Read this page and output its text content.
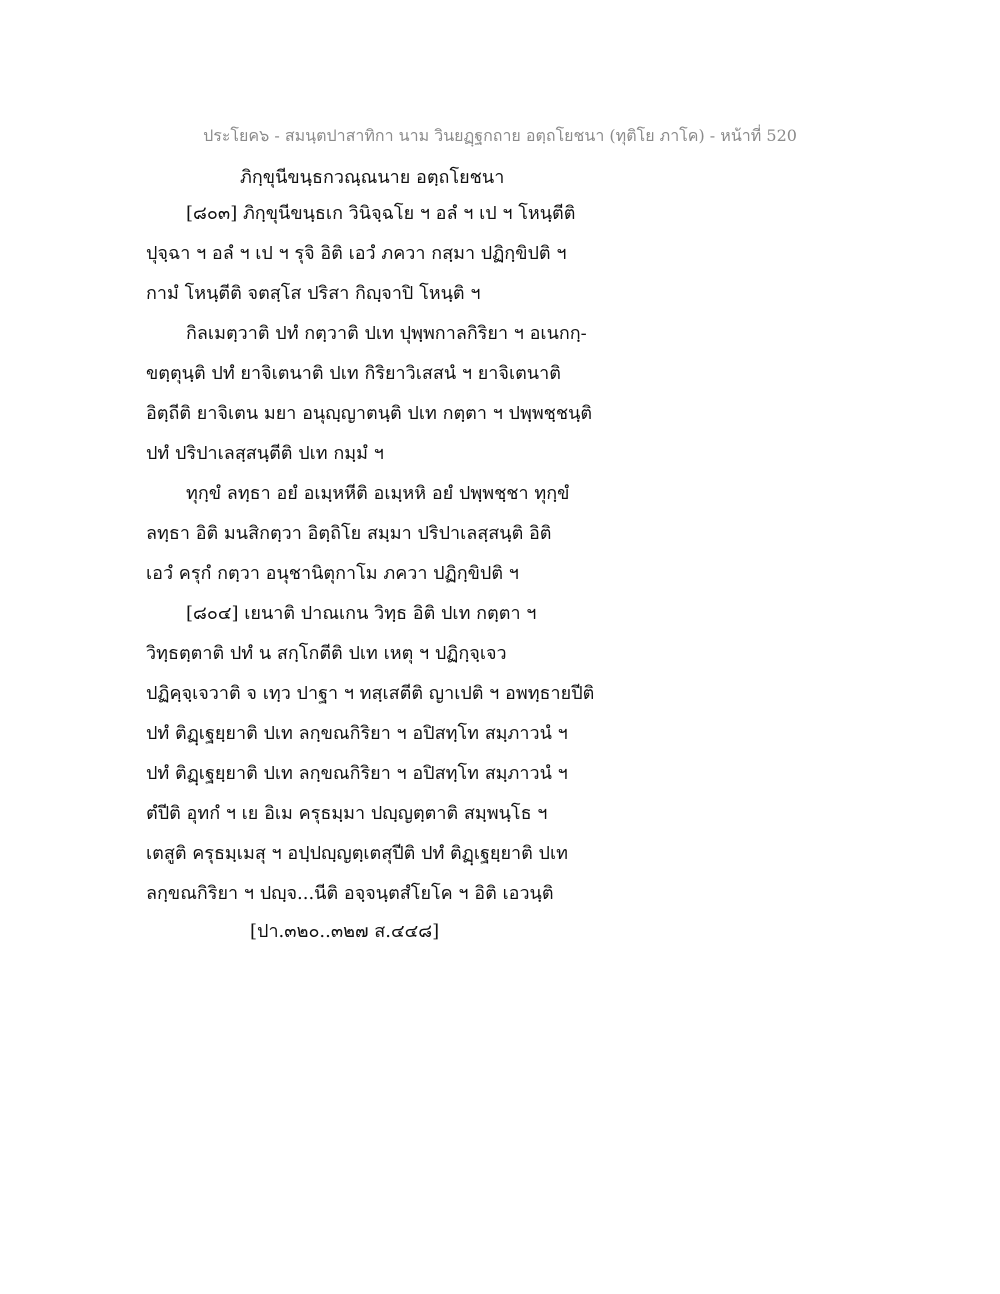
ประโยค๖ - สมนฺตปาสาทิกา นาม วินยฏฺฐกถาย อตฺถโยชนา (ทุติโย ภาโค) - หน้าที่ 520
ภิกฺขุนีขนฺธกวณฺณนาย อตฺถโยชนา
[๘๐๓] ภิกฺขุนีขนฺธเก วินิจฺฉโย ฯ อลํ ฯ เป ฯ โหนฺตีติ
ปุจฺฉา ฯ อลํ ฯ เป ฯ รุจิ อิติ เอวํ ภควา กสฺมา ปฏิกฺขิปติ ฯ
กามํ โหนฺตีติ จตสฺโส ปริสา กิญฺจาปิ โหนฺติ ฯ
กิลเมตฺวาติ ปทํ กตฺวาติ ปเท ปุพฺพกาลกิริยา ฯ อเนกกฺ-
ขตฺตุนฺติ ปทํ ยาจิเตนาติ ปเท กิริยาวิเสสนํ ฯ ยาจิเตนาติ
อิตฺถีติ ยาจิเตน มยา อนุญฺญาตนฺติ ปเท กตฺตา ฯ ปพฺพชฺชนฺติ
ปทํ ปริปาเลสฺสนฺตีติ ปเท กมฺมํ ฯ
ทุกฺขํ ลทฺธา อยํ อเมฺหหีติ อเมฺหหิ อยํ ปพฺพชฺชา ทุกฺขํ
ลทฺธา อิติ มนสิกตฺวา อิตฺถิโย สมฺมา ปริปาเลสฺสนฺติ อิติ
เอวํ ครุกํ กตฺวา อนุชานิตุกาโม ภควา ปฏิกฺขิปติ ฯ
[๘๐๔] เยนาติ ปาณเกน วิทฺธ อิติ ปเท กตฺตา ฯ
วิทฺธตฺตาติ ปทํ น สกฺโกตีติ ปเท เหตุ ฯ ปฏิกฺจฺเจว
ปฏิคฺจฺเจวาติ จ เทฺว ปาฐา ฯ ทสฺเสตีติ ญาเปติ ฯ อพทฺธายปีติ
ปทํ ติฏฺเฐยฺยาติ ปเท ลกฺขณกิริยา ฯ อปิสทฺโท สมฺภาวนํ ฯ
ปทํ ติฏฺเฐยฺยาติ ปเท ลกฺขณกิริยา ฯ อปิสทฺโท สมฺภาวนํ ฯ
ตํปีติ อุทกํ ฯ เย อิเม ครุธมฺมา ปญฺญตฺตาติ สมฺพนฺโธ ฯ
เตสูติ ครุธมฺเมสุ ฯ อปฺปญฺญตฺเตสุปีติ ปทํ ติฏฺเฐยฺยาติ ปเท
ลกฺขณกิริยา ฯ ปญฺจ...นีติ อจฺจนฺตสํโยโค ฯ อิติ เอวนฺติ
[ปา.๓๒๐..๓๒๗ ส.๔๔๘]
